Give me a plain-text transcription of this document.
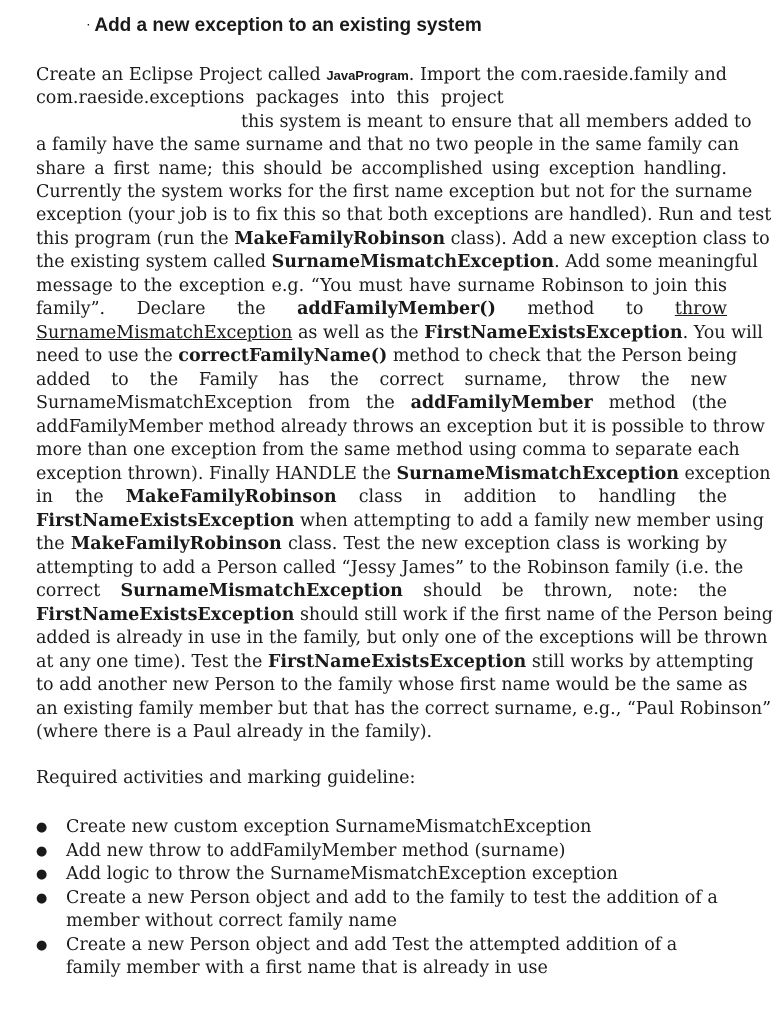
· Add a new exception to an existing system
Create an Eclipse Project called JavaProgram. Import the com.raeside.family and
com.raeside.exceptions packages into this project
this system is meant to ensure that all members added to
a family have the same surname and that no two people in the same family can
share a first name; this should be accomplished using exception handling.
Currently the system works for the first name exception but not for the surname
exception (your job is to fix this so that both exceptions are handled). Run and test
this program (run the MakeFamilyRobinson class). Add a new exception class to
the existing system called SurnameMismatchException. Add some meaningful
message to the exception e.g. “You must have surname Robinson to join this
family”. Declare the addFamilyMember() method to throw
SurnameMismatchException as well as the FirstNameExistsException. You will
need to use the correctFamilyName() method to check that the Person being
added to the Family has the correct surname, throw the new
SurnameMismatchException from the addFamilyMember method (the
addFamilyMember method already throws an exception but it is possible to throw
more than one exception from the same method using comma to separate each
exception thrown). Finally HANDLE the SurnameMismatchException exception
in the MakeFamilyRobinson class in addition to handling the
FirstNameExistsException when attempting to add a family new member using
the MakeFamilyRobinson class. Test the new exception class is working by
attempting to add a Person called “Jessy James” to the Robinson family (i.e. the
correct SurnameMismatchException should be thrown, note: the
FirstNameExistsException should still work if the first name of the Person being
added is already in use in the family, but only one of the exceptions will be thrown
at any one time). Test the FirstNameExistsException still works by attempting
to add another new Person to the family whose first name would be the same as
an existing family member but that has the correct surname, e.g., “Paul Robinson”
(where there is a Paul already in the family).
Required activities and marking guideline:
● Create new custom exception SurnameMismatchException
● Add new throw to addFamilyMember method (surname)
● Add logic to throw the SurnameMismatchException exception
● Create a new Person object and add to the family to test the addition of a member without correct family name
● Create a new Person object and add Test the attempted addition of a family member with a first name that is already in use
